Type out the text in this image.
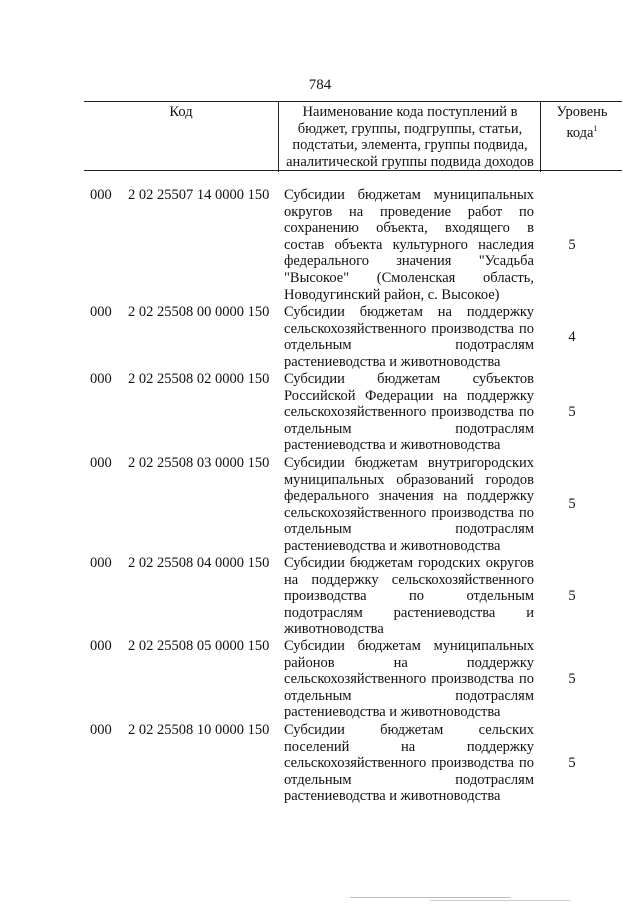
784
Код	Наименование кода поступлений в бюджет, группы, подгруппы, статьи, подстатьи, элемента, группы подвида, аналитической группы подвида доходов
Уровень кода$^1$
000 2 02 25507 14 0000 150 Субсидии бюджетам муниципальных округов на проведение работ по сохранению объекта, входящего в состав объекта культурного наследия федерального значения "Усадьба "Высокое" (Смоленская область, Новодугинский район, с. Высокое)
5
000 2 02 25508 00 0000 150 Субсидии бюджетам на поддержку сельскохозяйственного производства по отдельным подотраслям растениеводства и животноводства
4
000 2 02 25508 02 0000 150 Субсидии бюджетам субъектов Российской Федерации на поддержку сельскохозяйственного производства по отдельным подотраслям растениеводства и животноводства
5
000 2 02 25508 03 0000 150 Субсидии бюджетам внутригородских муниципальных образований городов федерального значения на поддержку сельскохозяйственного производства по отдельным подотраслям растениеводства и животноводства
5
000 2 02 25508 04 0000 150 Субсидии бюджетам городских округов на поддержку сельскохозяйственного производства по отдельным подотраслям растениеводства и животноводства
5
000 2 02 25508 05 0000 150 Субсидии бюджетам муниципальных районов на поддержку сельскохозяйственного производства по отдельным подотраслям растениеводства и животноводства
5
000 2 02 25508 10 0000 150 Субсидии бюджетам сельских поселений на поддержку сельскохозяйственного производства по отдельным подотраслям растениеводства и животноводства
5
